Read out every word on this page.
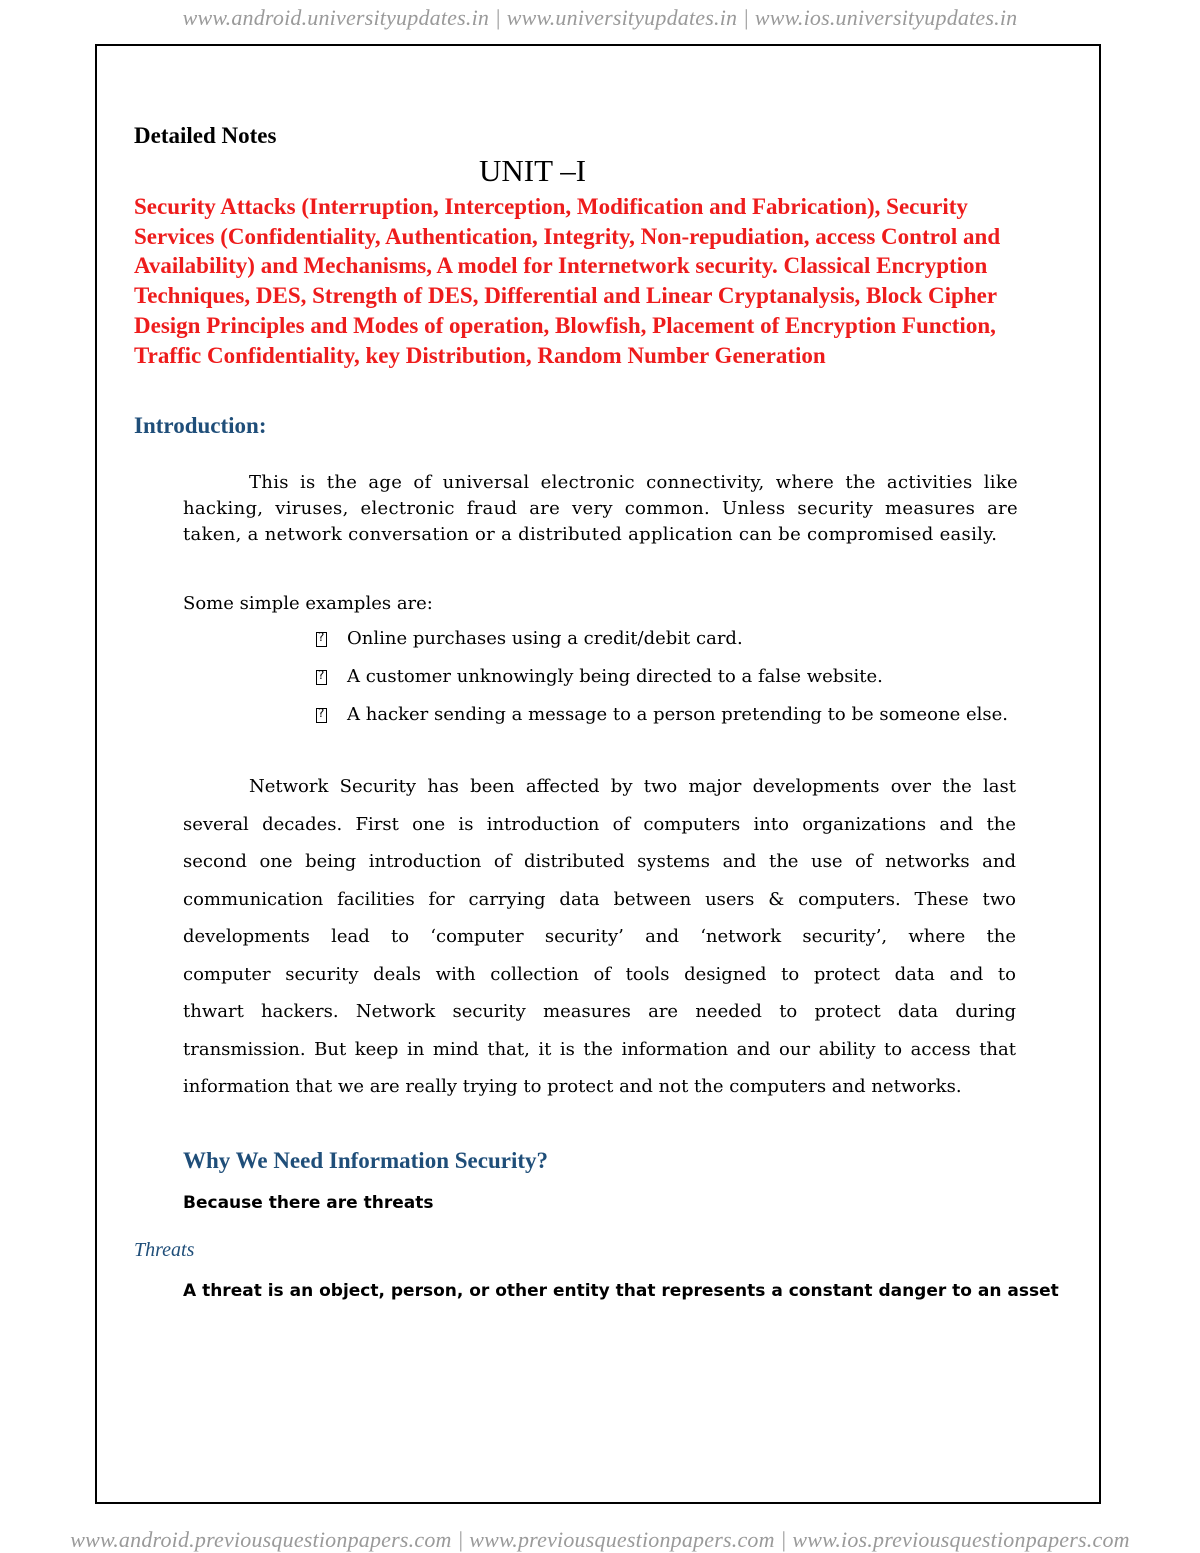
www.android.universityupdates.in | www.universityupdates.in | www.ios.universityupdates.in
Detailed Notes
UNIT –I
Security Attacks (Interruption, Interception, Modification and Fabrication), Security
Services (Confidentiality, Authentication, Integrity, Non-repudiation, access Control and
Availability) and Mechanisms, A model for Internetwork security. Classical Encryption
Techniques, DES, Strength of DES, Differential and Linear Cryptanalysis, Block Cipher
Design Principles and Modes of operation, Blowfish, Placement of Encryption Function,
Traffic Confidentiality, key Distribution, Random Number Generation
Introduction:
This is the age of universal electronic connectivity, where the activities like
hacking, viruses, electronic fraud are very common. Unless security measures are
taken, a network conversation or a distributed application can be compromised easily.
Some simple examples are:
?
Online purchases using a credit/debit card.
?
A customer unknowingly being directed to a false website.
?
A hacker sending a message to a person pretending to be someone else.
Network Security has been affected by two major developments over the last
several decades. First one is introduction of computers into organizations and the
second one being introduction of distributed systems and the use of networks and
communication facilities for carrying data between users & computers. These two
developments lead to ‘computer security’ and ‘network security’, where the
computer security deals with collection of tools designed to protect data and to
thwart hackers. Network security measures are needed to protect data during
transmission. But keep in mind that, it is the information and our ability to access that
information that we are really trying to protect and not the computers and networks.
Why We Need Information Security?
Because there are threats
Threats
A threat is an object, person, or other entity that represents a constant danger to an asset
www.android.previousquestionpapers.com | www.previousquestionpapers.com | www.ios.previousquestionpapers.com
